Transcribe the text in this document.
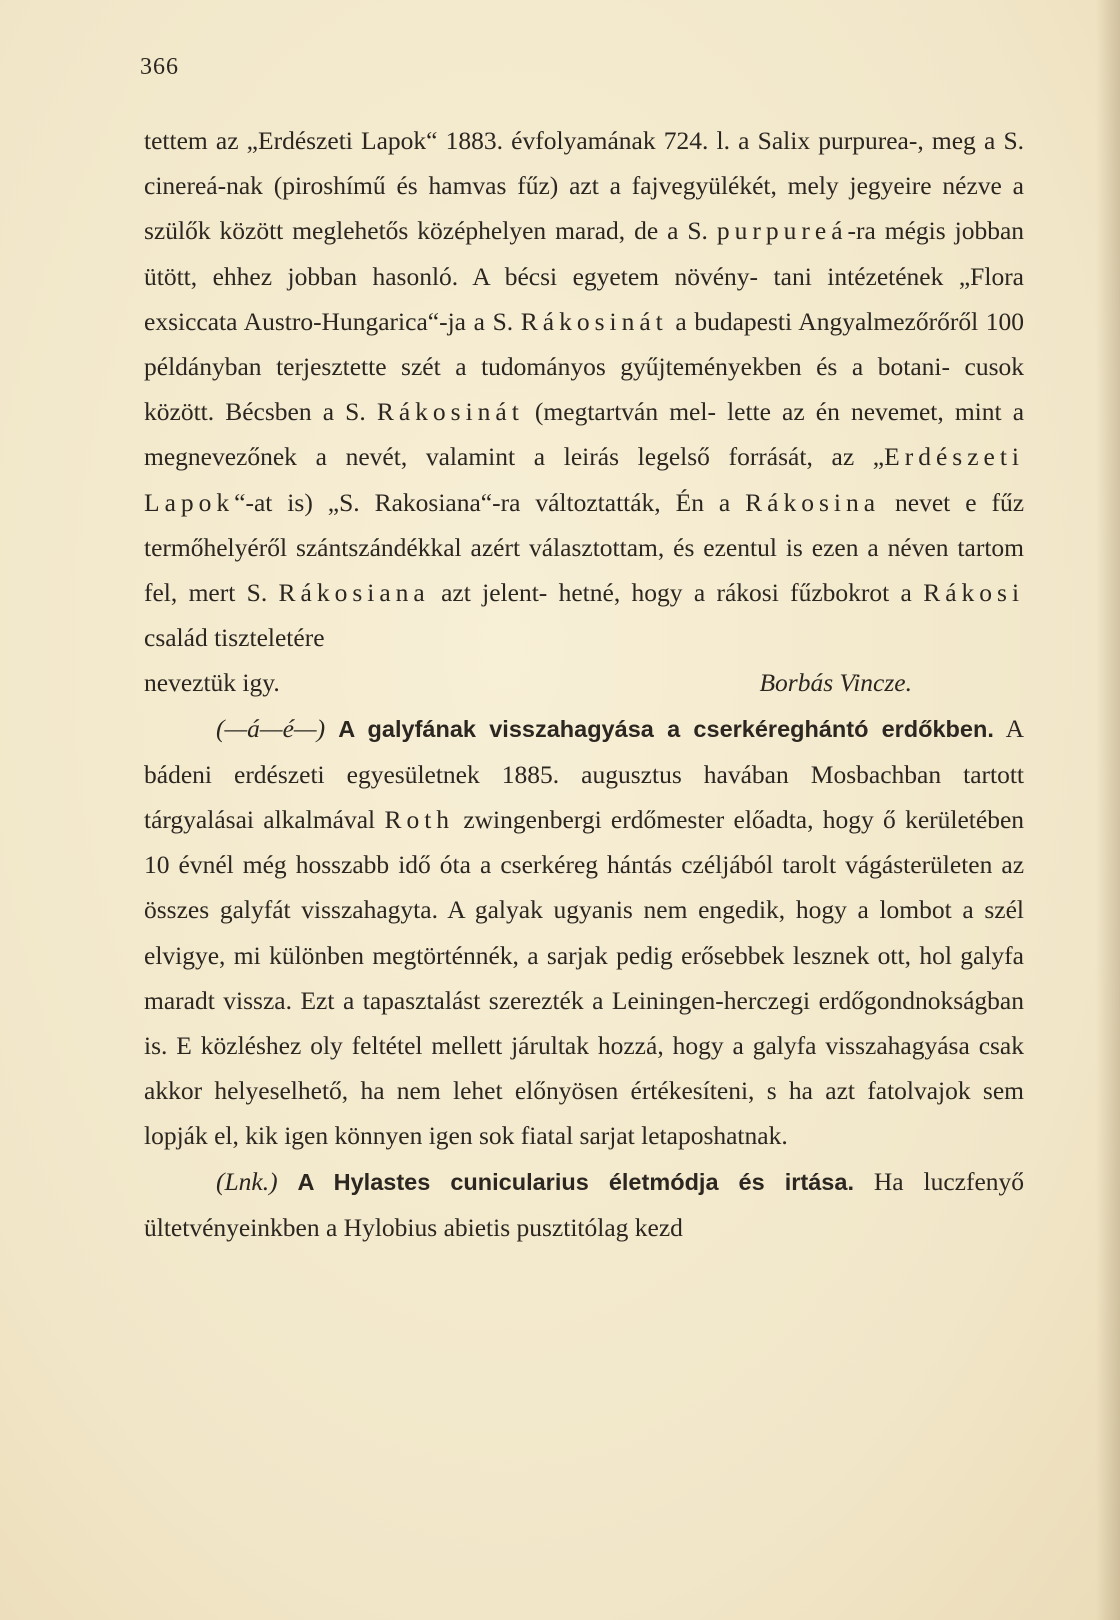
366

tettem az „Erdészeti Lapok“ 1883. évfolyamának 724. l. a Salix purpurea-, meg a S. cinereá-nak (piroshímű és hamvas fűz) azt a fajvegyülékét, mely jegyeire nézve a szülők között meglehetős középhelyen marad, de a S. purpureá-ra mégis jobban ütött, ehhez jobban hasonló. A bécsi egyetem növény- tani intézetének „Flora exsiccata Austro-Hungarica“-ja a S. Rákosinát a budapesti Angyalmezőrőről 100 példányban terjesztette szét a tudományos gyűjteményekben és a botani- cusok között. Bécsben a S. Rákosinát (megtartván mel- lette az én nevemet, mint a megnevezőnek a nevét, valamint a leirás legelső forrását, az „Erdészeti Lapok“-at is) „S. Rakosiana“-ra változtatták, Én a Rákosina nevet e fűz termőhelyéről szántszándékkal azért választottam, és ezentul is ezen a néven tartom fel, mert S. Rákosiana azt jelent- hetné, hogy a rákosi fűzbokrot a Rákosi család tiszteletére

neveztük igy.	Borbás Vincze.

(—á—é—) A galyfának visszahagyása a cserkéreghántó erdőkben. A bádeni erdészeti egyesületnek 1885. augusztus havában Mosbachban tartott tárgyalásai alkalmával Roth zwingenbergi erdőmester előadta, hogy ő kerületében 10 évnél még hosszabb idő óta a cserkéreg hántás czéljából tarolt vágásterületen az összes galyfát visszahagyta. A galyak ugyanis nem engedik, hogy a lombot a szél elvigye, mi különben megtörténnék, a sarjak pedig erősebbek lesznek ott, hol galyfa maradt vissza. Ezt a tapasztalást szerezték a Leiningen-herczegi erdőgondnokságban is. E közléshez oly feltétel mellett járultak hozzá, hogy a galyfa visszahagyása csak akkor helyeselhető, ha nem lehet előnyösen értékesíteni, s ha azt fatolvajok sem lopják el, kik igen könnyen igen sok fiatal sarjat letaposhatnak.

(Lnk.) A Hylastes cunicularius életmódja és irtása. Ha luczfenyő ültetvényeinkben a Hylobius abietis pusztitólag kezd
